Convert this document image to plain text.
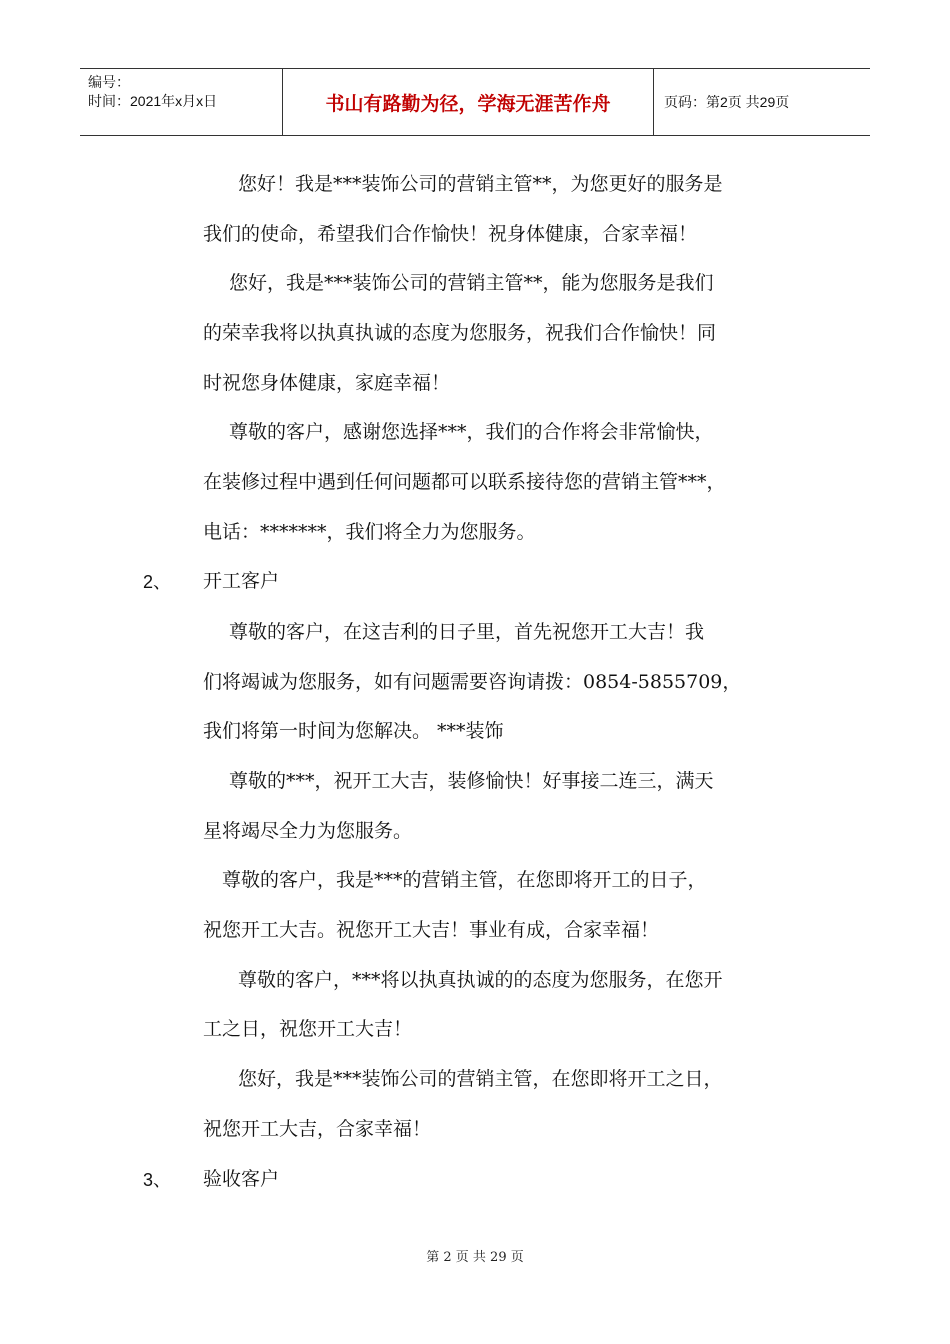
编号：
时间：2021年x月x日	书山有路勤为径，学海无涯苦作舟	页码：第2页 共29页
您好！我是***装饰公司的营销主管**，为您更好的服务是
我们的使命，希望我们合作愉快！祝身体健康，合家幸福！
您好，我是***装饰公司的营销主管**，能为您服务是我们
的荣幸我将以执真执诚的态度为您服务，祝我们合作愉快！同
时祝您身体健康，家庭幸福！
尊敬的客户，感谢您选择***，我们的合作将会非常愉快，
在装修过程中遇到任何问题都可以联系接待您的营销主管***，
电话：*******，我们将全力为您服务。
2、 开工客户
尊敬的客户，在这吉利的日子里，首先祝您开工大吉！我
们将竭诚为您服务，如有问题需要咨询请拨：0854-5855709，
我们将第一时间为您解决。 ***装饰
尊敬的***，祝开工大吉，装修愉快！好事接二连三，满天
星将竭尽全力为您服务。
尊敬的客户，我是***的营销主管，在您即将开工的日子，
祝您开工大吉。祝您开工大吉！事业有成，合家幸福！
尊敬的客户，***将以执真执诚的的态度为您服务，在您开
工之日，祝您开工大吉！
您好，我是***装饰公司的营销主管，在您即将开工之日，
祝您开工大吉，合家幸福！
3、 验收客户
第 2 页 共 29 页
